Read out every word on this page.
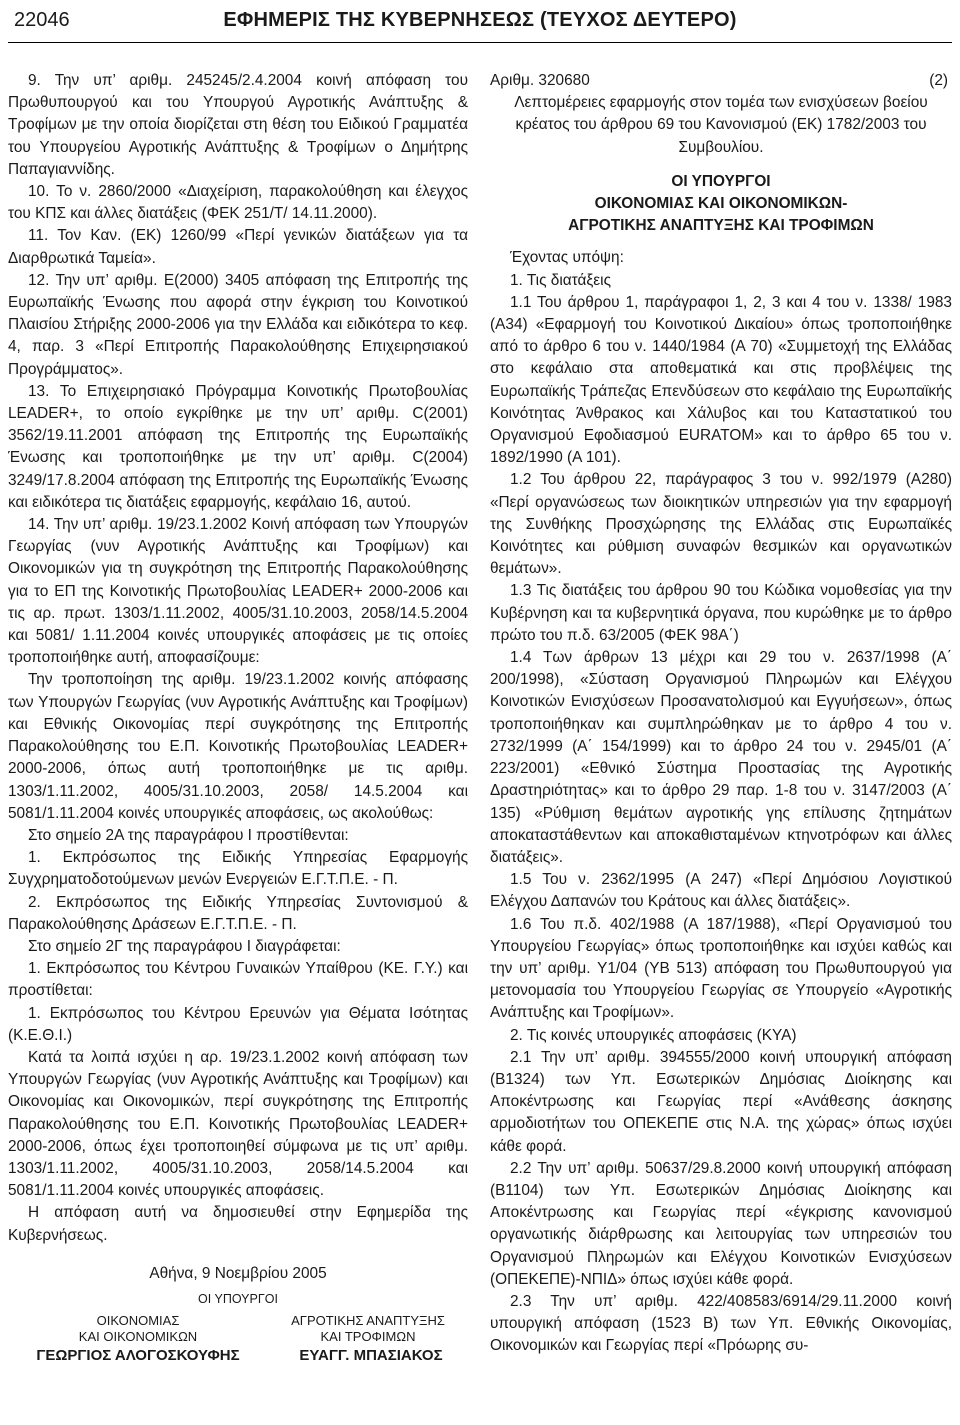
22046	ΕΦΗΜΕΡΙΣ ΤΗΣ ΚΥΒΕΡΝΗΣΕΩΣ (ΤΕΥΧΟΣ ΔΕΥΤΕΡΟ)

9. Την υπ’ αριθμ. 245245/2.4.2004 κοινή απόφαση του Πρωθυπουργού και του Υπουργού Αγροτικής Ανάπτυξης & Τροφίμων με την οποία διορίζεται στη θέση του Ειδικού Γραμματέα του Υπουργείου Αγροτικής Ανάπτυξης & Τροφίμων ο Δημήτρης Παπαγιαννίδης.

10. Το ν. 2860/2000 «Διαχείριση, παρακολούθηση και έλεγχος του ΚΠΣ και άλλες διατάξεις (ΦΕΚ 251/Τ/ 14.11.2000).

11. Τον Καν. (ΕΚ) 1260/99 «Περί γενικών διατάξεων για τα Διαρθρωτικά Ταμεία».

12. Την υπ’ αριθμ. Ε(2000) 3405 απόφαση της Επιτροπής της Ευρωπαϊκής Ένωσης που αφορά στην έγκριση του Κοινοτικού Πλαισίου Στήριξης 2000-2006 για την Ελλάδα και ειδικότερα το κεφ. 4, παρ. 3 «Περί Επιτροπής Παρακολούθησης Επιχειρησιακού Προγράμματος».

13. Το Επιχειρησιακό Πρόγραμμα Κοινοτικής Πρωτοβουλίας LEADER+, το οποίο εγκρίθηκε με την υπ’ αριθμ. C(2001) 3562/19.11.2001 απόφαση της Επιτροπής της Ευρωπαϊκής Ένωσης και τροποποιήθηκε με την υπ’ αριθμ. C(2004) 3249/17.8.2004 απόφαση της Επιτροπής της Ευρωπαϊκής Ένωσης και ειδικότερα τις διατάξεις εφαρμογής, κεφάλαιο 16, αυτού.

14. Την υπ’ αριθμ. 19/23.1.2002 Κοινή απόφαση των Υπουργών Γεωργίας (νυν Αγροτικής Ανάπτυξης και Τροφίμων) και Οικονομικών για τη συγκρότηση της Επιτροπής Παρακολούθησης για το ΕΠ της Κοινοτικής Πρωτοβουλίας LEADER+ 2000-2006 και τις αρ. πρωτ. 1303/1.11.2002, 4005/31.10.2003, 2058/14.5.2004 και 5081/ 1.11.2004 κοινές υπουργικές αποφάσεις με τις οποίες τροποποιήθηκε αυτή, αποφασίζουμε:

Την τροποποίηση της αριθμ. 19/23.1.2002 κοινής απόφασης των Υπουργών Γεωργίας (νυν Αγροτικής Ανάπτυξης και Τροφίμων) και Εθνικής Οικονομίας περί συγκρότησης της Επιτροπής Παρακολούθησης του Ε.Π. Κοινοτικής Πρωτοβουλίας LEADER+ 2000-2006, όπως αυτή τροποποιήθηκε με τις αριθμ. 1303/1.11.2002, 4005/31.10.2003, 2058/ 14.5.2004 και 5081/1.11.2004 κοινές υπουργικές αποφάσεις, ως ακολούθως:

Στο σημείο 2Α της παραγράφου Ι προστίθενται:

1. Εκπρόσωπος της Ειδικής Υπηρεσίας Εφαρμογής Συγχρηματοδοτούμενων μενών Ενεργειών Ε.Γ.Τ.Π.Ε. - Π.

2. Εκπρόσωπος της Ειδικής Υπηρεσίας Συντονισμού & Παρακολούθησης Δράσεων Ε.Γ.Τ.Π.Ε. - Π.

Στο σημείο 2Γ της παραγράφου Ι διαγράφεται:

1. Εκπρόσωπος του Κέντρου Γυναικών Υπαίθρου (ΚΕ. Γ.Υ.) και προστίθεται:

1. Εκπρόσωπος του Κέντρου Ερευνών για Θέματα Ισότητας (Κ.Ε.Θ.Ι.)

Κατά τα λοιπά ισχύει η αρ. 19/23.1.2002 κοινή απόφαση των Υπουργών Γεωργίας (νυν Αγροτικής Ανάπτυξης και Τροφίμων) και Οικονομίας και Οικονομικών, περί συγκρότησης της Επιτροπής Παρακολούθησης του Ε.Π. Κοινοτικής Πρωτοβουλίας LEADER+ 2000-2006, όπως έχει τροποποιηθεί σύμφωνα με τις υπ’ αριθμ. 1303/1.11.2002, 4005/31.10.2003, 2058/14.5.2004 και 5081/1.11.2004 κοινές υπουργικές αποφάσεις.

Η απόφαση αυτή να δημοσιευθεί στην Εφημερίδα της Κυβερνήσεως.

Αθήνα, 9 Νοεμβρίου 2005

ΟΙ ΥΠΟΥΡΓΟΙ
ΟΙΚΟΝΟΜΙΑΣ
ΚΑΙ ΟΙΚΟΝΟΜΙΚΩΝ
ΑΓΡΟΤΙΚΗΣ ΑΝΑΠΤΥΞΗΣ
ΚΑΙ ΤΡΟΦΙΜΩΝ
ΓΕΩΡΓΙΟΣ ΑΛΟΓΟΣΚΟΥΦΗΣ	ΕΥΑΓΓ. ΜΠΑΣΙΑΚΟΣ

Αριθμ. 320680	(2)

Λεπτομέρειες εφαρμογής στον τομέα των ενισχύσεων βοείου κρέατος του άρθρου 69 του Κανονισμού (ΕΚ) 1782/2003 του Συμβουλίου.

ΟΙ ΥΠΟΥΡΓΟΙ

ΟΙΚΟΝΟΜΙΑΣ ΚΑΙ ΟΙΚΟΝΟΜΙΚΩΝ-

ΑΓΡΟΤΙΚΗΣ ΑΝΑΠΤΥΞΗΣ ΚΑΙ ΤΡΟΦΙΜΩΝ

Έχοντας υπόψη:

1. Τις διατάξεις

1.1 Του άρθρου 1, παράγραφοι 1, 2, 3 και 4 του ν. 1338/ 1983 (Α34) «Εφαρμογή του Κοινοτικού Δικαίου» όπως τροποποιήθηκε από το άρθρο 6 του ν. 1440/1984 (Α 70) «Συμμετοχή της Ελλάδας στο κεφάλαιο στα αποθεματικά και στις προβλέψεις της Ευρωπαϊκής Τράπεζας Επενδύσεων στο κεφάλαιο της Ευρωπαϊκής Κοινότητας Άνθρακος και Χάλυβος και του Καταστατικού του Οργανισμού Εφοδιασμού EURATOM» και το άρθρο 65 του ν. 1892/1990 (Α 101).

1.2 Του άρθρου 22, παράγραφος 3 του ν. 992/1979 (Α280) «Περί οργανώσεως των διοικητικών υπηρεσιών για την εφαρμογή της Συνθήκης Προσχώρησης της Ελλάδας στις Ευρωπαϊκές Κοινότητες και ρύθμιση συναφών θεσμικών και οργανωτικών θεμάτων».

1.3 Τις διατάξεις του άρθρου 90 του Κώδικα νομοθεσίας για την Κυβέρνηση και τα κυβερνητικά όργανα, που κυρώθηκε με το άρθρο πρώτο του π.δ. 63/2005 (ΦΕΚ 98Α΄)

1.4 Των άρθρων 13 μέχρι και 29 του ν. 2637/1998 (Α΄ 200/1998), «Σύσταση Οργανισμού Πληρωμών και Ελέγχου Κοινοτικών Ενισχύσεων Προσανατολισμού και Εγγυήσεων», όπως τροποποιήθηκαν και συμπληρώθηκαν με το άρθρο 4 του ν. 2732/1999 (Α΄ 154/1999) και το άρθρο 24 του ν. 2945/01 (Α΄ 223/2001) «Εθνικό Σύστημα Προστασίας της Αγροτικής Δραστηριότητας» και το άρθρο 29 παρ. 1-8 του ν. 3147/2003 (Α΄ 135) «Ρύθμιση θεμάτων αγροτικής γης επίλυσης ζητημάτων αποκαταστάθεντων και αποκαθισταμένων κτηνοτρόφων και άλλες διατάξεις».

1.5 Του ν. 2362/1995 (Α 247) «Περί Δημόσιου Λογιστικού Ελέγχου Δαπανών του Κράτους και άλλες διατάξεις».

1.6 Του π.δ. 402/1988 (Α 187/1988), «Περί Οργανισμού του Υπουργείου Γεωργίας» όπως τροποποιήθηκε και ισχύει καθώς και την υπ’ αριθμ. Υ1/04 (ΥΒ 513) απόφαση του Πρωθυπουργού για μετονομασία του Υπουργείου Γεωργίας σε Υπουργείο «Αγροτικής Ανάπτυξης και Τροφίμων».

2. Τις κοινές υπουργικές αποφάσεις (ΚΥΑ)

2.1 Την υπ’ αριθμ. 394555/2000 κοινή υπουργική απόφαση (Β1324) των Υπ. Εσωτερικών Δημόσιας Διοίκησης και Αποκέντρωσης και Γεωργίας περί «Ανάθεσης άσκησης αρμοδιοτήτων του ΟΠΕΚΕΠΕ στις Ν.Α. της χώρας» όπως ισχύει κάθε φορά.

2.2 Την υπ’ αριθμ. 50637/29.8.2000 κοινή υπουργική απόφαση (Β1104) των Υπ. Εσωτερικών Δημόσιας Διοίκησης και Αποκέντρωσης και Γεωργίας περί «έγκρισης κανονισμού οργανωτικής διάρθρωσης και λειτουργίας των υπηρεσιών του Οργανισμού Πληρωμών και Ελέγχου Κοινοτικών Ενισχύσεων (ΟΠΕΚΕΠΕ)-ΝΠΙΔ» όπως ισχύει κάθε φορά.

2.3 Την υπ’ αριθμ. 422/408583/6914/29.11.2000 κοινή υπουργική απόφαση (1523 Β) των Υπ. Εθνικής Οικονομίας, Οικονομικών και Γεωργίας περί «Πρόωρης συ-
